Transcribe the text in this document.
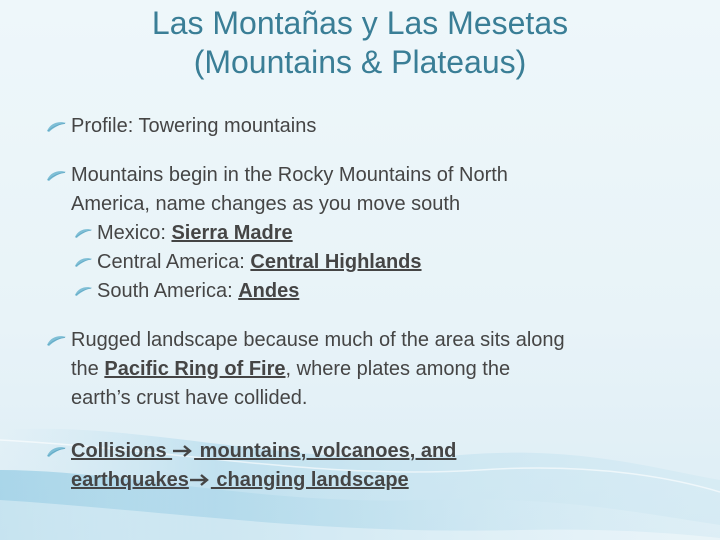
Las Montañas y Las Mesetas
(Mountains & Plateaus)
Profile: Towering mountains
Mountains begin in the Rocky Mountains of North
America, name changes as you move south
Mexico: Sierra Madre
Central America: Central Highlands
South America: Andes
Rugged landscape because much of the area sits along
the Pacific Ring of Fire, where plates among the
earth’s crust have collided.
Collisions  mountains, volcanoes, and
earthquakes changing landscape
